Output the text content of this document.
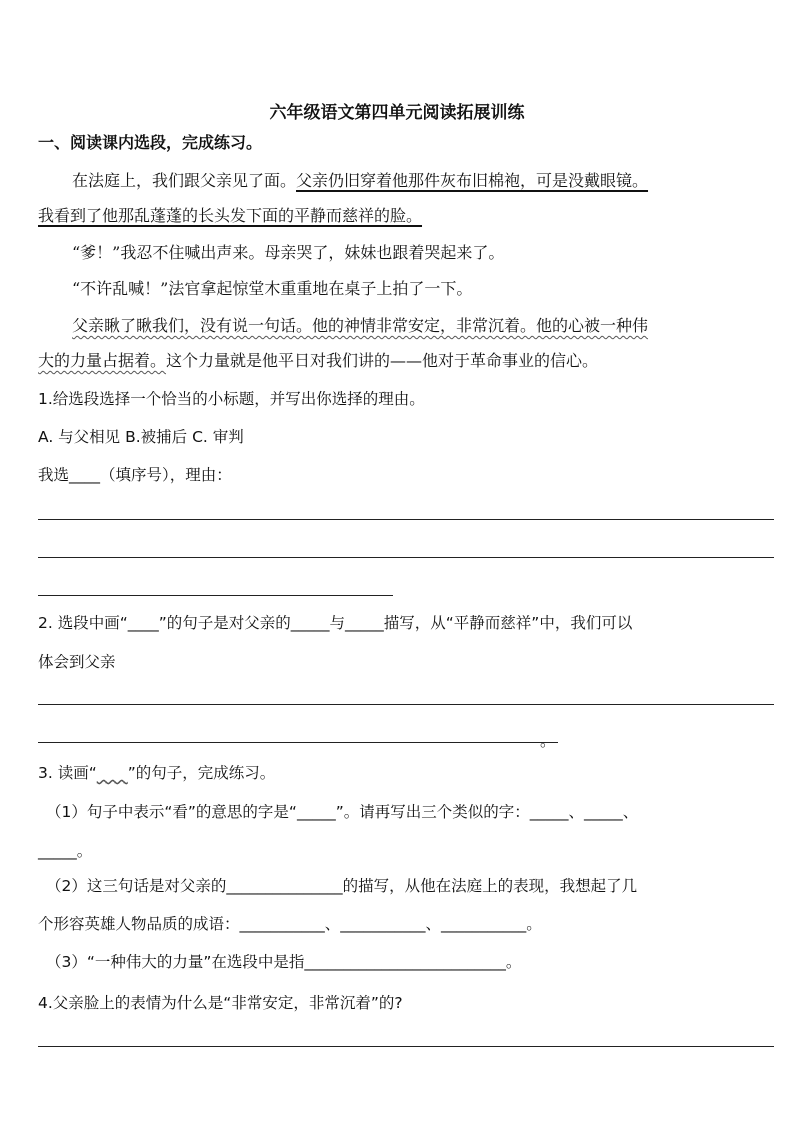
六年级语文第四单元阅读拓展训练
一、阅读课内选段，完成练习。
在法庭上，我们跟父亲见了面。父亲仍旧穿着他那件灰布旧棉袍，可是没戴眼镜。
我看到了他那乱蓬蓬的长头发下面的平静而慈祥的脸。
“爹！”我忍不住喊出声来。母亲哭了，妹妹也跟着哭起来了。
“不许乱喊！”法官拿起惊堂木重重地在桌子上拍了一下。
父亲瞅了瞅我们，没有说一句话。他的神情非常安定，非常沉着。他的心被一种伟
大的力量占据着。这个力量就是他平日对我们讲的——他对于革命事业的信心。
1.给选段选择一个恰当的小标题，并写出你选择的理由。
A. 与父相见 B.被捕后 C. 审判
我选____（填序号），理由：
2. 选段中画“____”的句子是对父亲的_____与_____描写，从“平静而慈祥”中，我们可以
体会到父亲
。
3. 读画“　　 ”的句子，完成练习。
（1）句子中表示“看”的意思的字是“_____”。请再写出三个类似的字：_____、_____、
_____。
（2）这三句话是对父亲的_______________的描写，从他在法庭上的表现，我想起了几
个形容英雄人物品质的成语：___________、___________、___________。
（3）“一种伟大的力量”在选段中是指__________________________。
4.父亲脸上的表情为什么是“非常安定，非常沉着”的?
